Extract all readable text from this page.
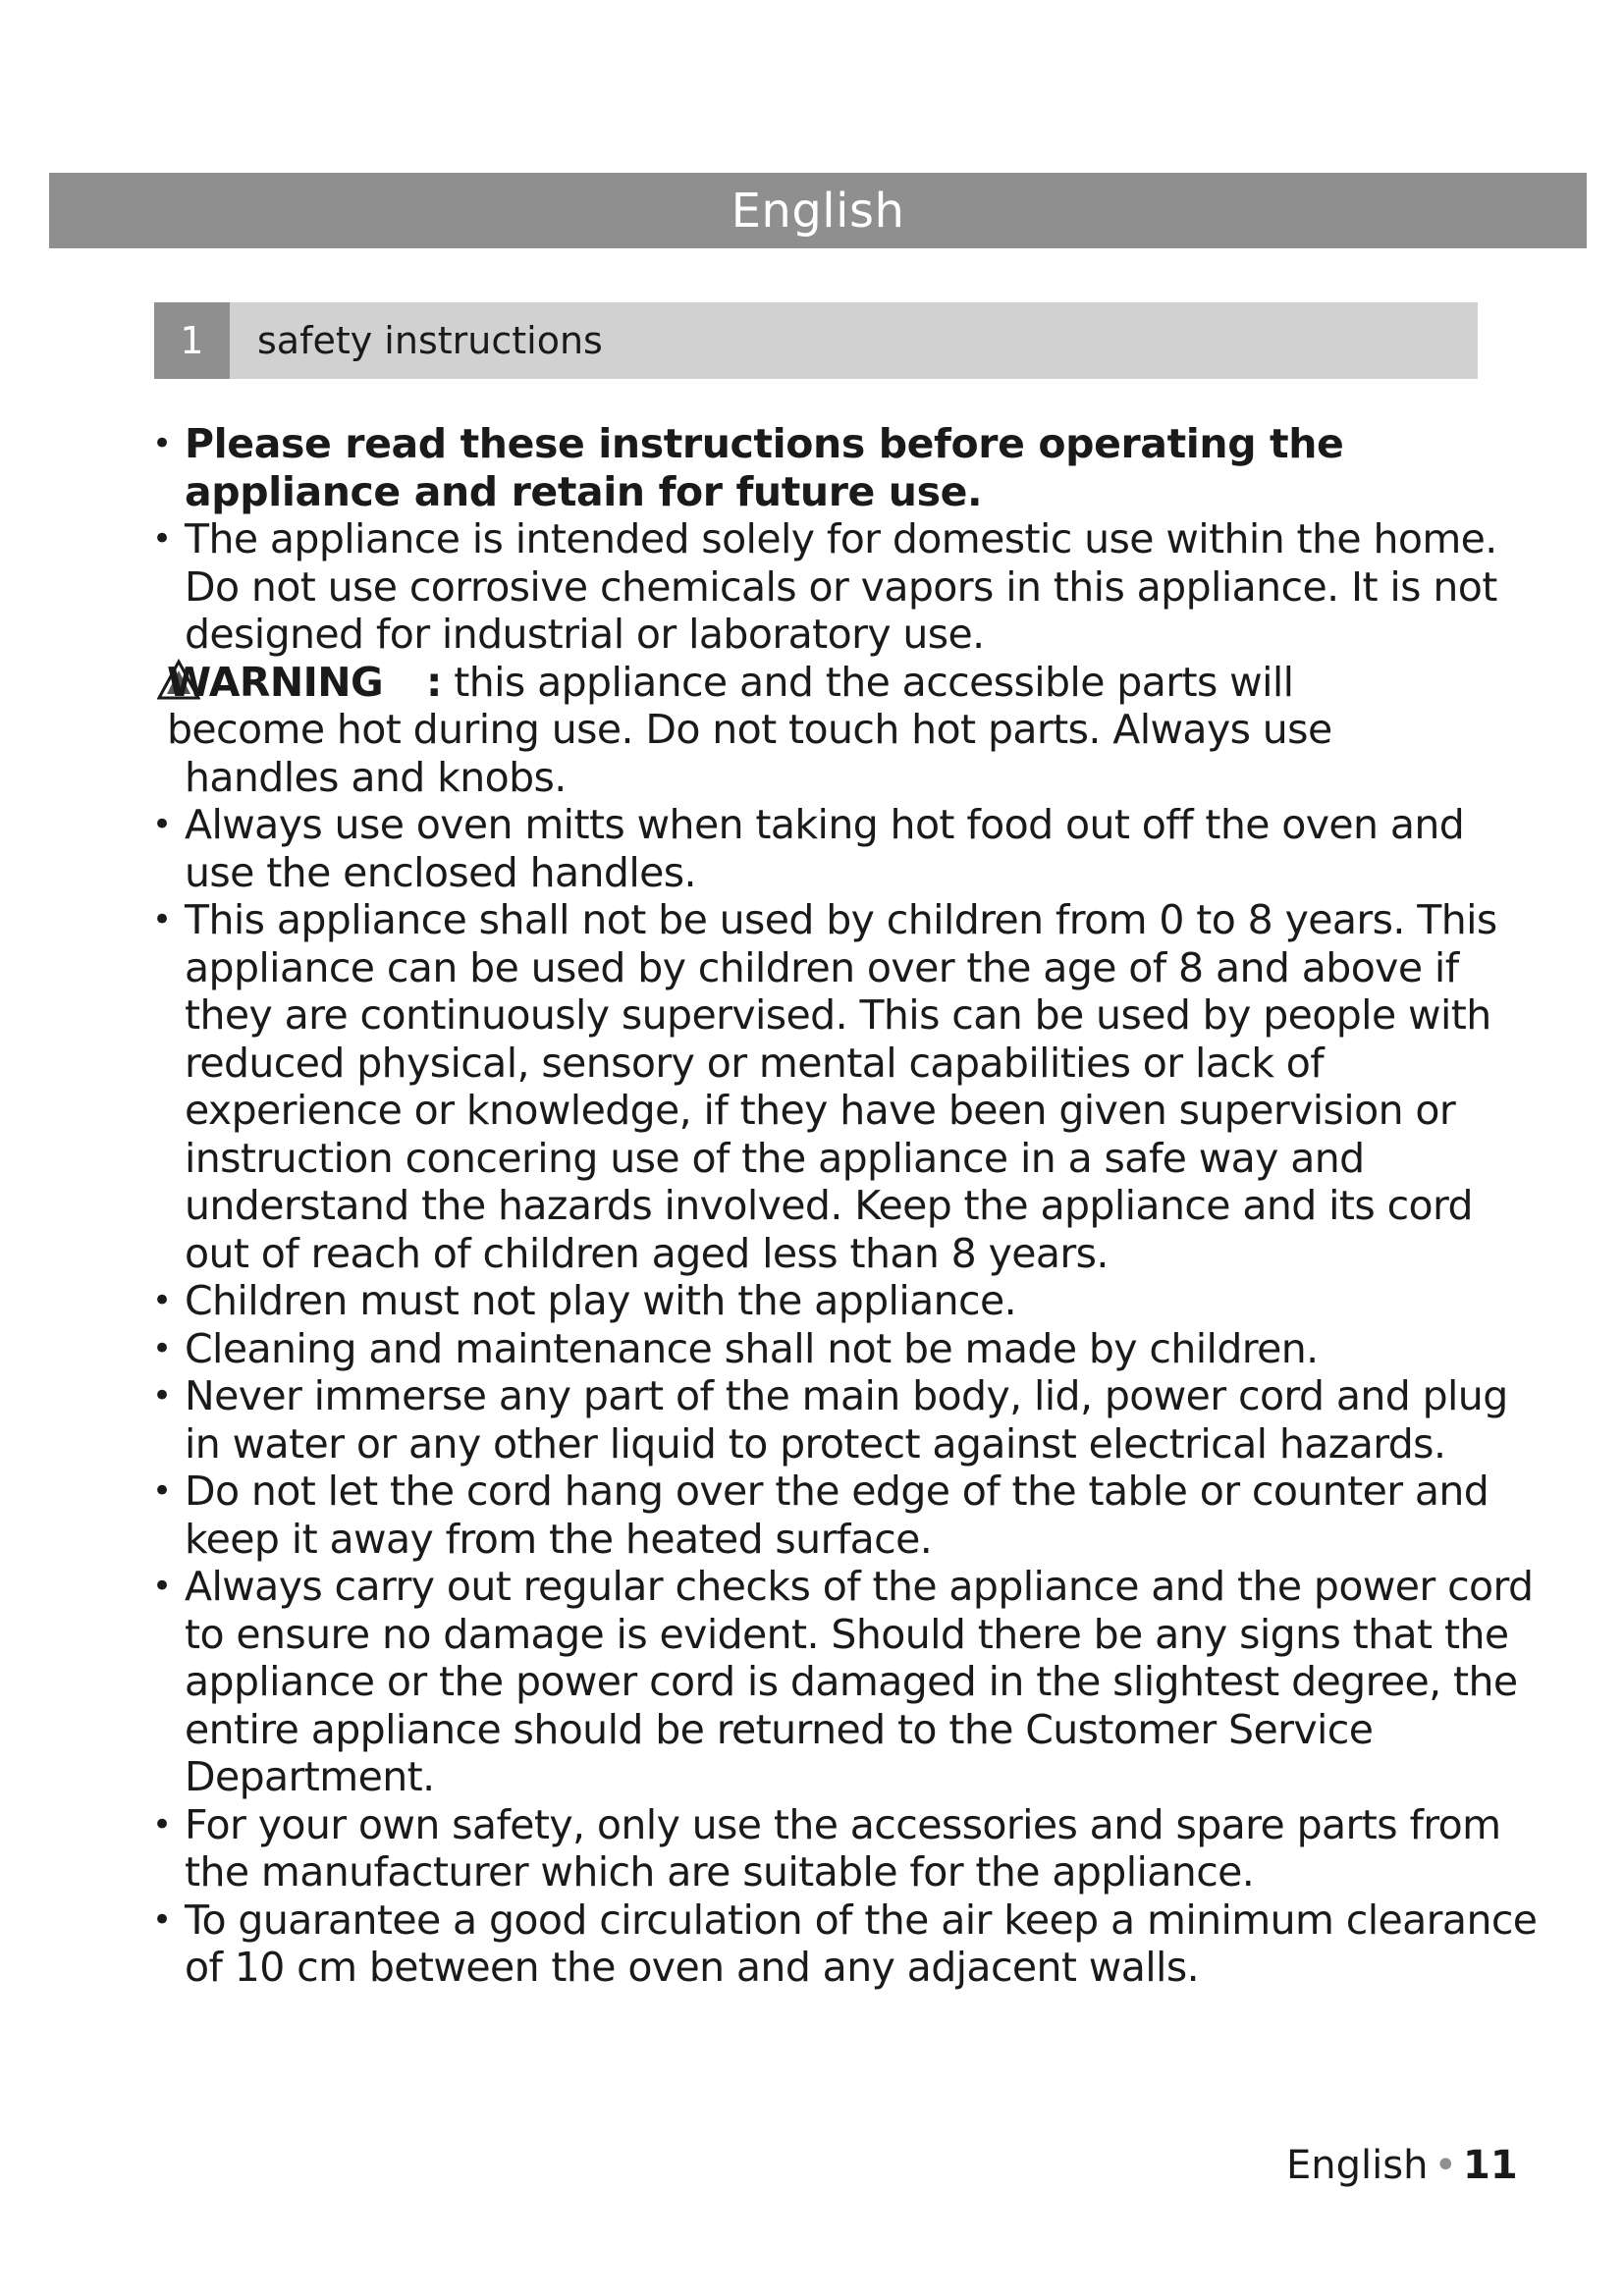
English
1	safety instructions
• Please read these instructions before operating the appliance and retain for future use.
• The appliance is intended solely for domestic use within the home. Do not use corrosive chemicals or vapors in this appliance. It is not designed for industrial or laboratory use.
WARNING : this appliance and the accessible parts will
become hot during use. Do not touch hot parts. Always use
handles and knobs.
• Always use oven mitts when taking hot food out off the oven and use the enclosed handles.
• This appliance shall not be used by children from 0 to 8 years. This appliance can be used by children over the age of 8 and above if they are continuously supervised. This can be used by people with reduced physical, sensory or mental capabilities or lack of experience or knowledge, if they have been given supervision or instruction concering use of the appliance in a safe way and understand the hazards involved. Keep the appliance and its cord out of reach of children aged less than 8 years.
• Children must not play with the appliance.
• Cleaning and maintenance shall not be made by children.
• Never immerse any part of the main body, lid, power cord and plug in water or any other liquid to protect against electrical hazards.
• Do not let the cord hang over the edge of the table or counter and keep it away from the heated surface.
• Always carry out regular checks of the appliance and the power cord to ensure no damage is evident. Should there be any signs that the appliance or the power cord is damaged in the slightest degree, the entire appliance should be returned to the Customer Service Department.
• For your own safety, only use the accessories and spare parts from the manufacturer which are suitable for the appliance.
• To guarantee a good circulation of the air keep a minimum clearance of 10 cm between the oven and any adjacent walls.
English • 11
